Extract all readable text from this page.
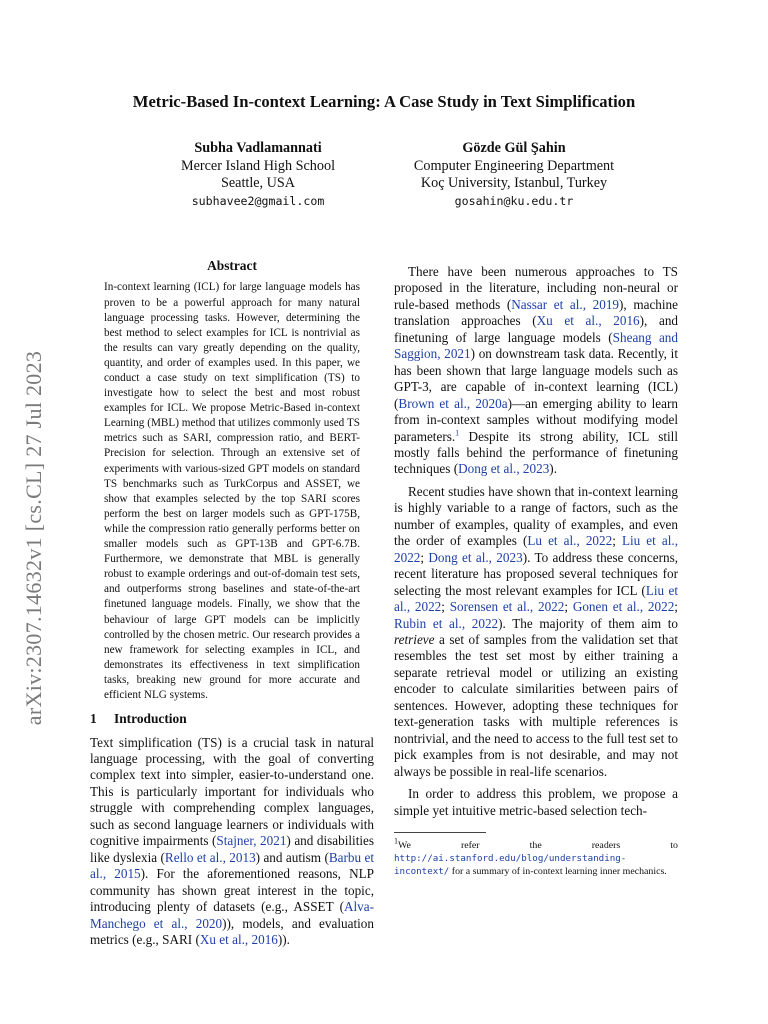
arXiv:2307.14632v1 [cs.CL] 27 Jul 2023
Metric-Based In-context Learning: A Case Study in Text Simplification
Subha Vadlamannati
Mercer Island High School
Seattle, USA
subhavee2@gmail.com
Gözde Gül Şahin
Computer Engineering Department
Koç University, Istanbul, Turkey
gosahin@ku.edu.tr
Abstract
In-context learning (ICL) for large language models has proven to be a powerful approach for many natural language processing tasks. However, determining the best method to select examples for ICL is nontrivial as the results can vary greatly depending on the quality, quantity, and order of examples used. In this paper, we conduct a case study on text simplification (TS) to investigate how to select the best and most robust examples for ICL. We propose Metric-Based in-context Learning (MBL) method that utilizes commonly used TS metrics such as SARI, compression ratio, and BERT-Precision for selection. Through an extensive set of experiments with various-sized GPT models on standard TS benchmarks such as TurkCorpus and ASSET, we show that examples selected by the top SARI scores perform the best on larger models such as GPT-175B, while the compression ratio generally performs better on smaller models such as GPT-13B and GPT-6.7B. Furthermore, we demonstrate that MBL is generally robust to example orderings and out-of-domain test sets, and outperforms strong baselines and state-of-the-art finetuned language models. Finally, we show that the behaviour of large GPT models can be implicitly controlled by the chosen metric. Our research provides a new framework for selecting examples in ICL, and demonstrates its effectiveness in text simplification tasks, breaking new ground for more accurate and efficient NLG systems.
1 Introduction

Text simplification (TS) is a crucial task in natural language processing, with the goal of converting complex text into simpler, easier-to-understand one. This is particularly important for individuals who struggle with comprehending complex languages, such as second language learners or individuals with cognitive impairments (Stajner, 2021) and disabilities like dyslexia (Rello et al., 2013) and autism (Barbu et al., 2015). For the aforementioned reasons, NLP community has shown great interest in the topic, introducing plenty of datasets (e.g., ASSET (Alva-Manchego et al., 2020)), models, and evaluation metrics (e.g., SARI (Xu et al., 2016)).

There have been numerous approaches to TS proposed in the literature, including non-neural or rule-based methods (Nassar et al., 2019), machine translation approaches (Xu et al., 2016), and finetuning of large language models (Sheang and Saggion, 2021) on downstream task data. Recently, it has been shown that large language models such as GPT-3, are capable of in-context learning (ICL) (Brown et al., 2020a)—an emerging ability to learn from in-context samples without modifying model parameters.$^1$ Despite its strong ability, ICL still mostly falls behind the performance of finetuning techniques (Dong et al., 2023).

Recent studies have shown that in-context learning is highly variable to a range of factors, such as the number of examples, quality of examples, and even the order of examples (Lu et al., 2022; Liu et al., 2022; Dong et al., 2023). To address these concerns, recent literature has proposed several techniques for selecting the most relevant examples for ICL (Liu et al., 2022; Sorensen et al., 2022; Gonen et al., 2022; Rubin et al., 2022). The majority of them aim to retrieve a set of samples from the validation set that resembles the test set most by either training a separate retrieval model or utilizing an existing encoder to calculate similarities between pairs of sentences. However, adopting these techniques for text-generation tasks with multiple references is nontrivial, and the need to access to the full test set to pick examples from is not desirable, and may not always be possible in real-life scenarios.

In order to address this problem, we propose a simple yet intuitive metric-based selection tech-

$^1$We refer the readers to http://ai.stanford.edu/blog/understanding-incontext/ for a summary of in-context learning inner mechanics.
